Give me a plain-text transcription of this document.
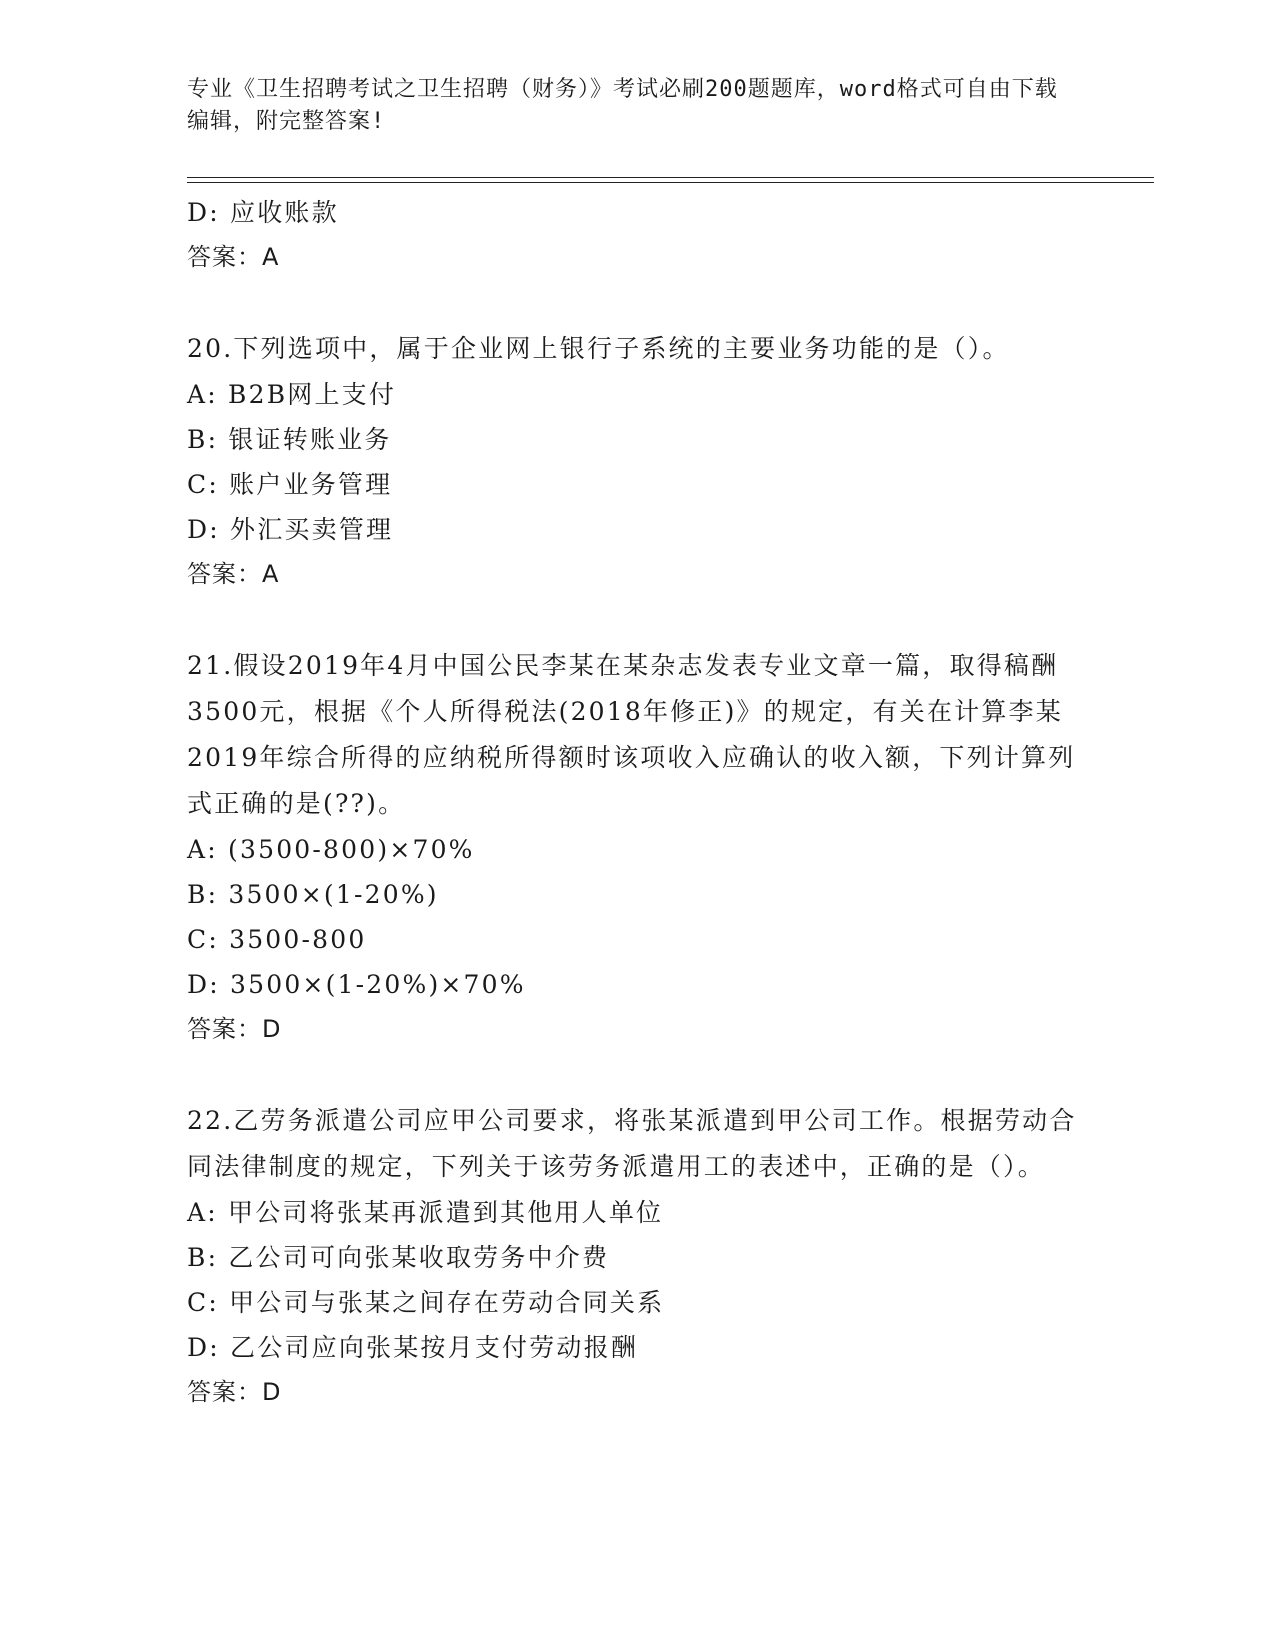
专业《卫生招聘考试之卫生招聘（财务）》考试必刷200题题库，word格式可自由下载编辑，附完整答案!
D: 应收账款
答案：A
20.下列选项中，属于企业网上银行子系统的主要业务功能的是（）。
A: B2B网上支付
B: 银证转账业务
C: 账户业务管理
D: 外汇买卖管理
答案：A
21.假设2019年4月中国公民李某在某杂志发表专业文章一篇，取得稿酬3500元，根据《个人所得税法(2018年修正)》的规定，有关在计算李某2019年综合所得的应纳税所得额时该项收入应确认的收入额，下列计算列式正确的是(??)。
A: (3500-800)×70%
B: 3500×(1-20%)
C: 3500-800
D: 3500×(1-20%)×70%
答案：D
22.乙劳务派遣公司应甲公司要求，将张某派遣到甲公司工作。根据劳动合同法律制度的规定，下列关于该劳务派遣用工的表述中，正确的是（）。
A: 甲公司将张某再派遣到其他用人单位
B: 乙公司可向张某收取劳务中介费
C: 甲公司与张某之间存在劳动合同关系
D: 乙公司应向张某按月支付劳动报酬
答案：D
